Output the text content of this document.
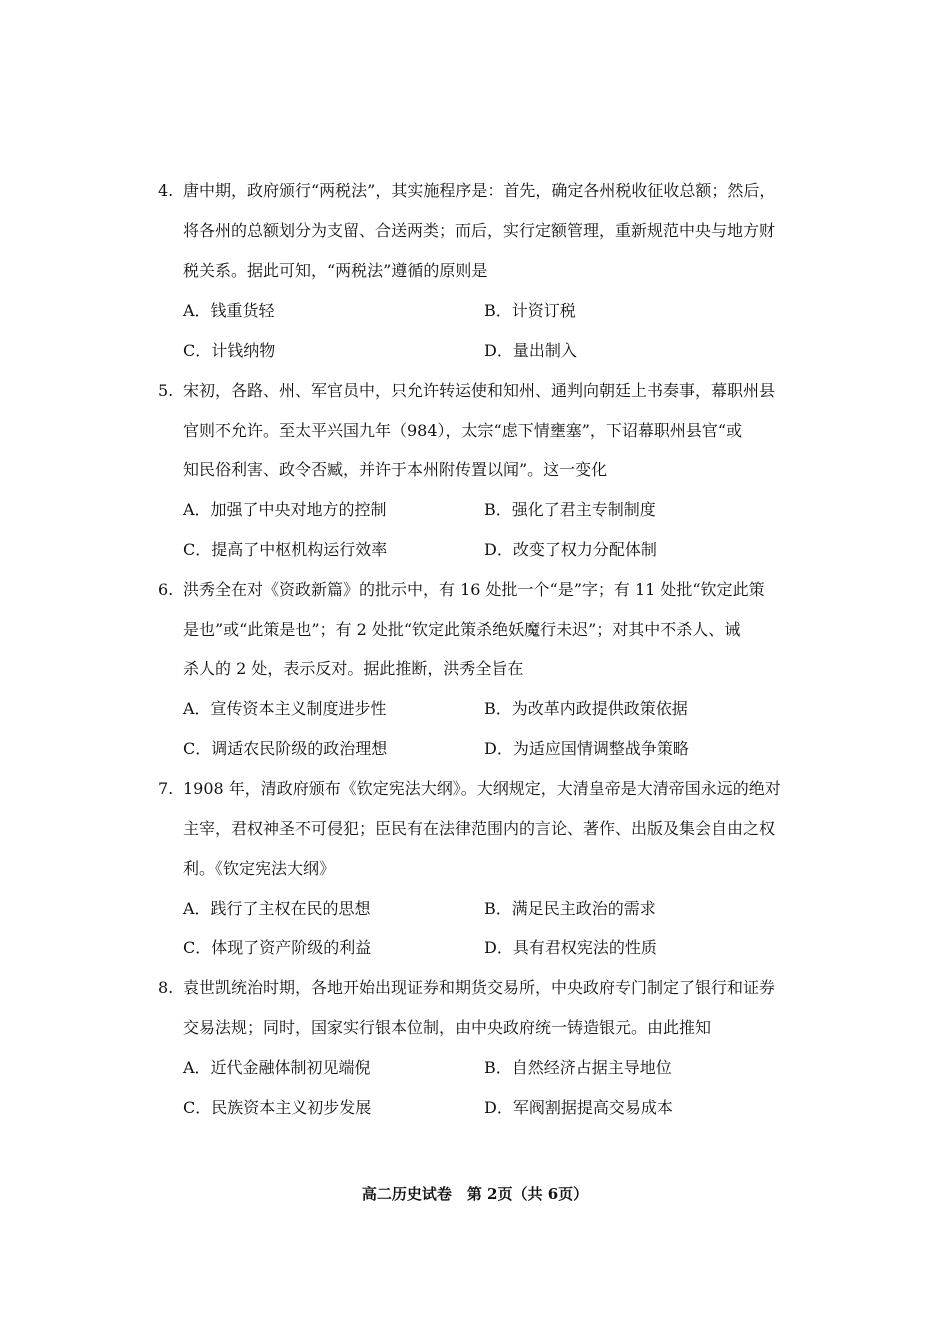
4. 唐中期，政府颁行“两税法”，其实施程序是：首先，确定各州税收征收总额；然后，
将各州的总额划分为支留、合送两类；而后，实行定额管理，重新规范中央与地方财
税关系。据此可知，“两税法”遵循的原则是
A．钱重货轻	B．计资订税
C．计钱纳物	D．量出制入
5. 宋初，各路、州、军官员中，只允许转运使和知州、通判向朝廷上书奏事，幕职州县
官则不允许。至太平兴国九年（984），太宗“虑下情壅塞”，下诏幕职州县官“或
知民俗利害、政令否臧，并许于本州附传置以闻”。这一变化
A．加强了中央对地方的控制	B．强化了君主专制制度
C．提高了中枢机构运行效率	D．改变了权力分配体制
6. 洪秀全在对《资政新篇》的批示中，有 16 处批一个“是”字；有 11 处批“钦定此策
是也”或“此策是也”；有 2 处批“钦定此策杀绝妖魔行未迟”；对其中不杀人、诫
杀人的 2 处，表示反对。据此推断，洪秀全旨在
A．宣传资本主义制度进步性	B．为改革内政提供政策依据
C．调适农民阶级的政治理想	D．为适应国情调整战争策略
7. 1908 年，清政府颁布《钦定宪法大纲》。大纲规定，大清皇帝是大清帝国永远的绝对
主宰，君权神圣不可侵犯；臣民有在法律范围内的言论、著作、出版及集会自由之权
利。《钦定宪法大纲》
A．践行了主权在民的思想	B．满足民主政治的需求
C．体现了资产阶级的利益	D．具有君权宪法的性质
8. 袁世凯统治时期，各地开始出现证券和期货交易所，中央政府专门制定了银行和证券
交易法规；同时，国家实行银本位制，由中央政府统一铸造银元。由此推知
A．近代金融体制初见端倪	B．自然经济占据主导地位
C．民族资本主义初步发展	D．军阀割据提高交易成本
高二历史试卷　第 2页（共 6页）
